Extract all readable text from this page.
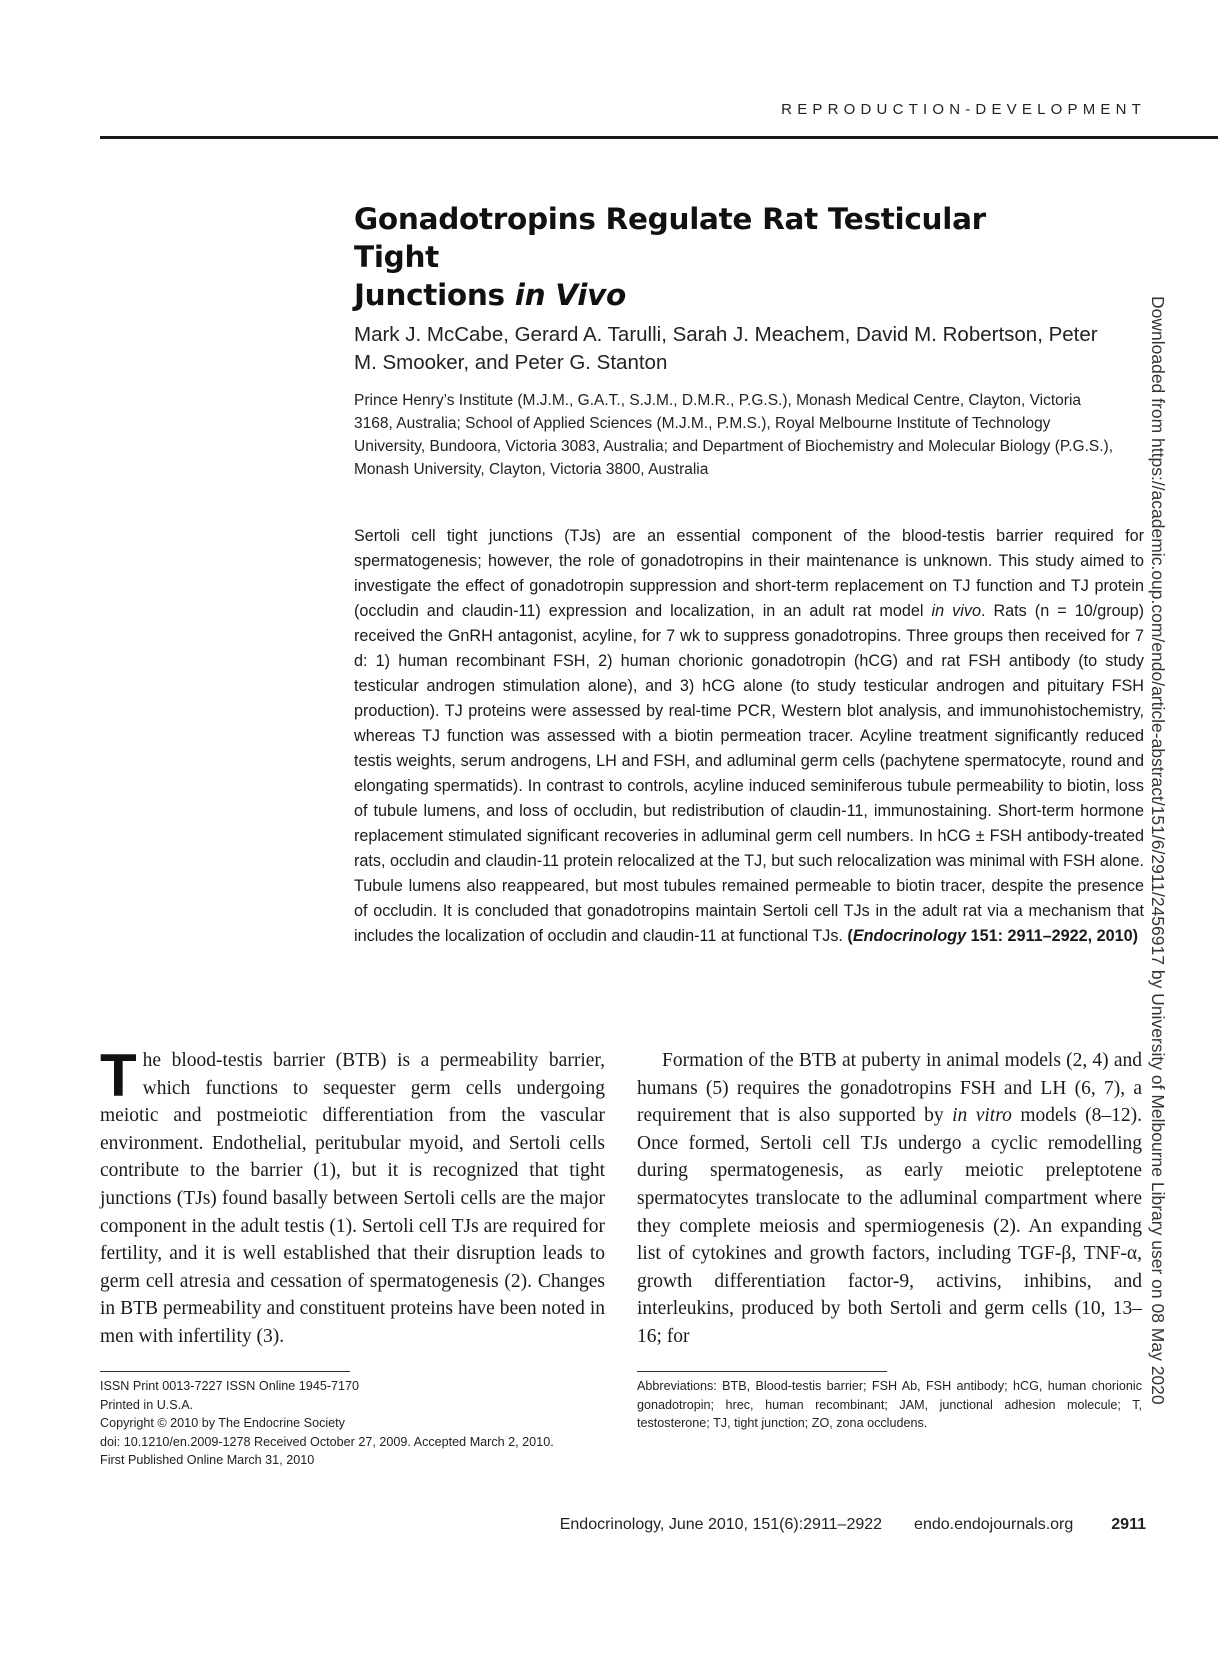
REPRODUCTION-DEVELOPMENT
Gonadotropins Regulate Rat Testicular Tight
Junctions in Vivo
Mark J. McCabe, Gerard A. Tarulli, Sarah J. Meachem, David M. Robertson, Peter M. Smooker, and Peter G. Stanton
Prince Henry’s Institute (M.J.M., G.A.T., S.J.M., D.M.R., P.G.S.), Monash Medical Centre, Clayton, Victoria 3168, Australia; School of Applied Sciences (M.J.M., P.M.S.), Royal Melbourne Institute of Technology University, Bundoora, Victoria 3083, Australia; and Department of Biochemistry and Molecular Biology (P.G.S.), Monash University, Clayton, Victoria 3800, Australia
Sertoli cell tight junctions (TJs) are an essential component of the blood-testis barrier required for spermatogenesis; however, the role of gonadotropins in their maintenance is unknown. This study aimed to investigate the effect of gonadotropin suppression and short-term replacement on TJ function and TJ protein (occludin and claudin-11) expression and localization, in an adult rat model in vivo. Rats (n = 10/group) received the GnRH antagonist, acyline, for 7 wk to suppress gonadotropins. Three groups then received for 7 d: 1) human recombinant FSH, 2) human chorionic gonadotropin (hCG) and rat FSH antibody (to study testicular androgen stimulation alone), and 3) hCG alone (to study testicular androgen and pituitary FSH production). TJ proteins were assessed by real-time PCR, Western blot analysis, and immunohistochemistry, whereas TJ function was assessed with a biotin permeation tracer. Acyline treatment significantly reduced testis weights, serum androgens, LH and FSH, and adluminal germ cells (pachytene spermatocyte, round and elongating spermatids). In contrast to controls, acyline induced seminiferous tubule permeability to biotin, loss of tubule lumens, and loss of occludin, but redistribution of claudin-11, immunostaining. Short-term hormone replacement stimulated significant recoveries in adluminal germ cell numbers. In hCG ± FSH antibody-treated rats, occludin and claudin-11 protein relocalized at the TJ, but such relocalization was minimal with FSH alone. Tubule lumens also reappeared, but most tubules remained permeable to biotin tracer, despite the presence of occludin. It is concluded that gonadotropins maintain Sertoli cell TJs in the adult rat via a mechanism that includes the localization of occludin and claudin-11 at functional TJs. (Endocrinology 151: 2911–2922, 2010)

The blood-testis barrier (BTB) is a permeability barrier, which functions to sequester germ cells undergoing meiotic and postmeiotic differentiation from the vascular environment. Endothelial, peritubular myoid, and Sertoli cells contribute to the barrier (1), but it is recognized that tight junctions (TJs) found basally between Sertoli cells are the major component in the adult testis (1). Sertoli cell TJs are required for fertility, and it is well established that their disruption leads to germ cell atresia and cessation of spermatogenesis (2). Changes in BTB permeability and constituent proteins have been noted in men with infertility (3).

Formation of the BTB at puberty in animal models (2, 4) and humans (5) requires the gonadotropins FSH and LH (6, 7), a requirement that is also supported by in vitro models (8–12). Once formed, Sertoli cell TJs undergo a cyclic remodelling during spermatogenesis, as early meiotic preleptotene spermatocytes translocate to the adluminal compartment where they complete meiosis and spermiogenesis (2). An expanding list of cytokines and growth factors, including TGF-β, TNF-α, growth differentiation factor-9, activins, inhibins, and interleukins, produced by both Sertoli and germ cells (10, 13–16; for

ISSN Print 0013-7227 ISSN Online 1945-7170
Printed in U.S.A.
Copyright © 2010 by The Endocrine Society
doi: 10.1210/en.2009-1278 Received October 27, 2009. Accepted March 2, 2010.
First Published Online March 31, 2010
Abbreviations: BTB, Blood-testis barrier; FSH Ab, FSH antibody; hCG, human chorionic gonadotropin; hrec, human recombinant; JAM, junctional adhesion molecule; T, testosterone; TJ, tight junction; ZO, zona occludens.
Downloaded from https://academic.oup.com/endo/article-abstract/151/6/2911/2456917 by University of Melbourne Library user on 08 May 2020
Endocrinology, June 2010, 151(6):2911–2922 endo.endojournals.org 2911
